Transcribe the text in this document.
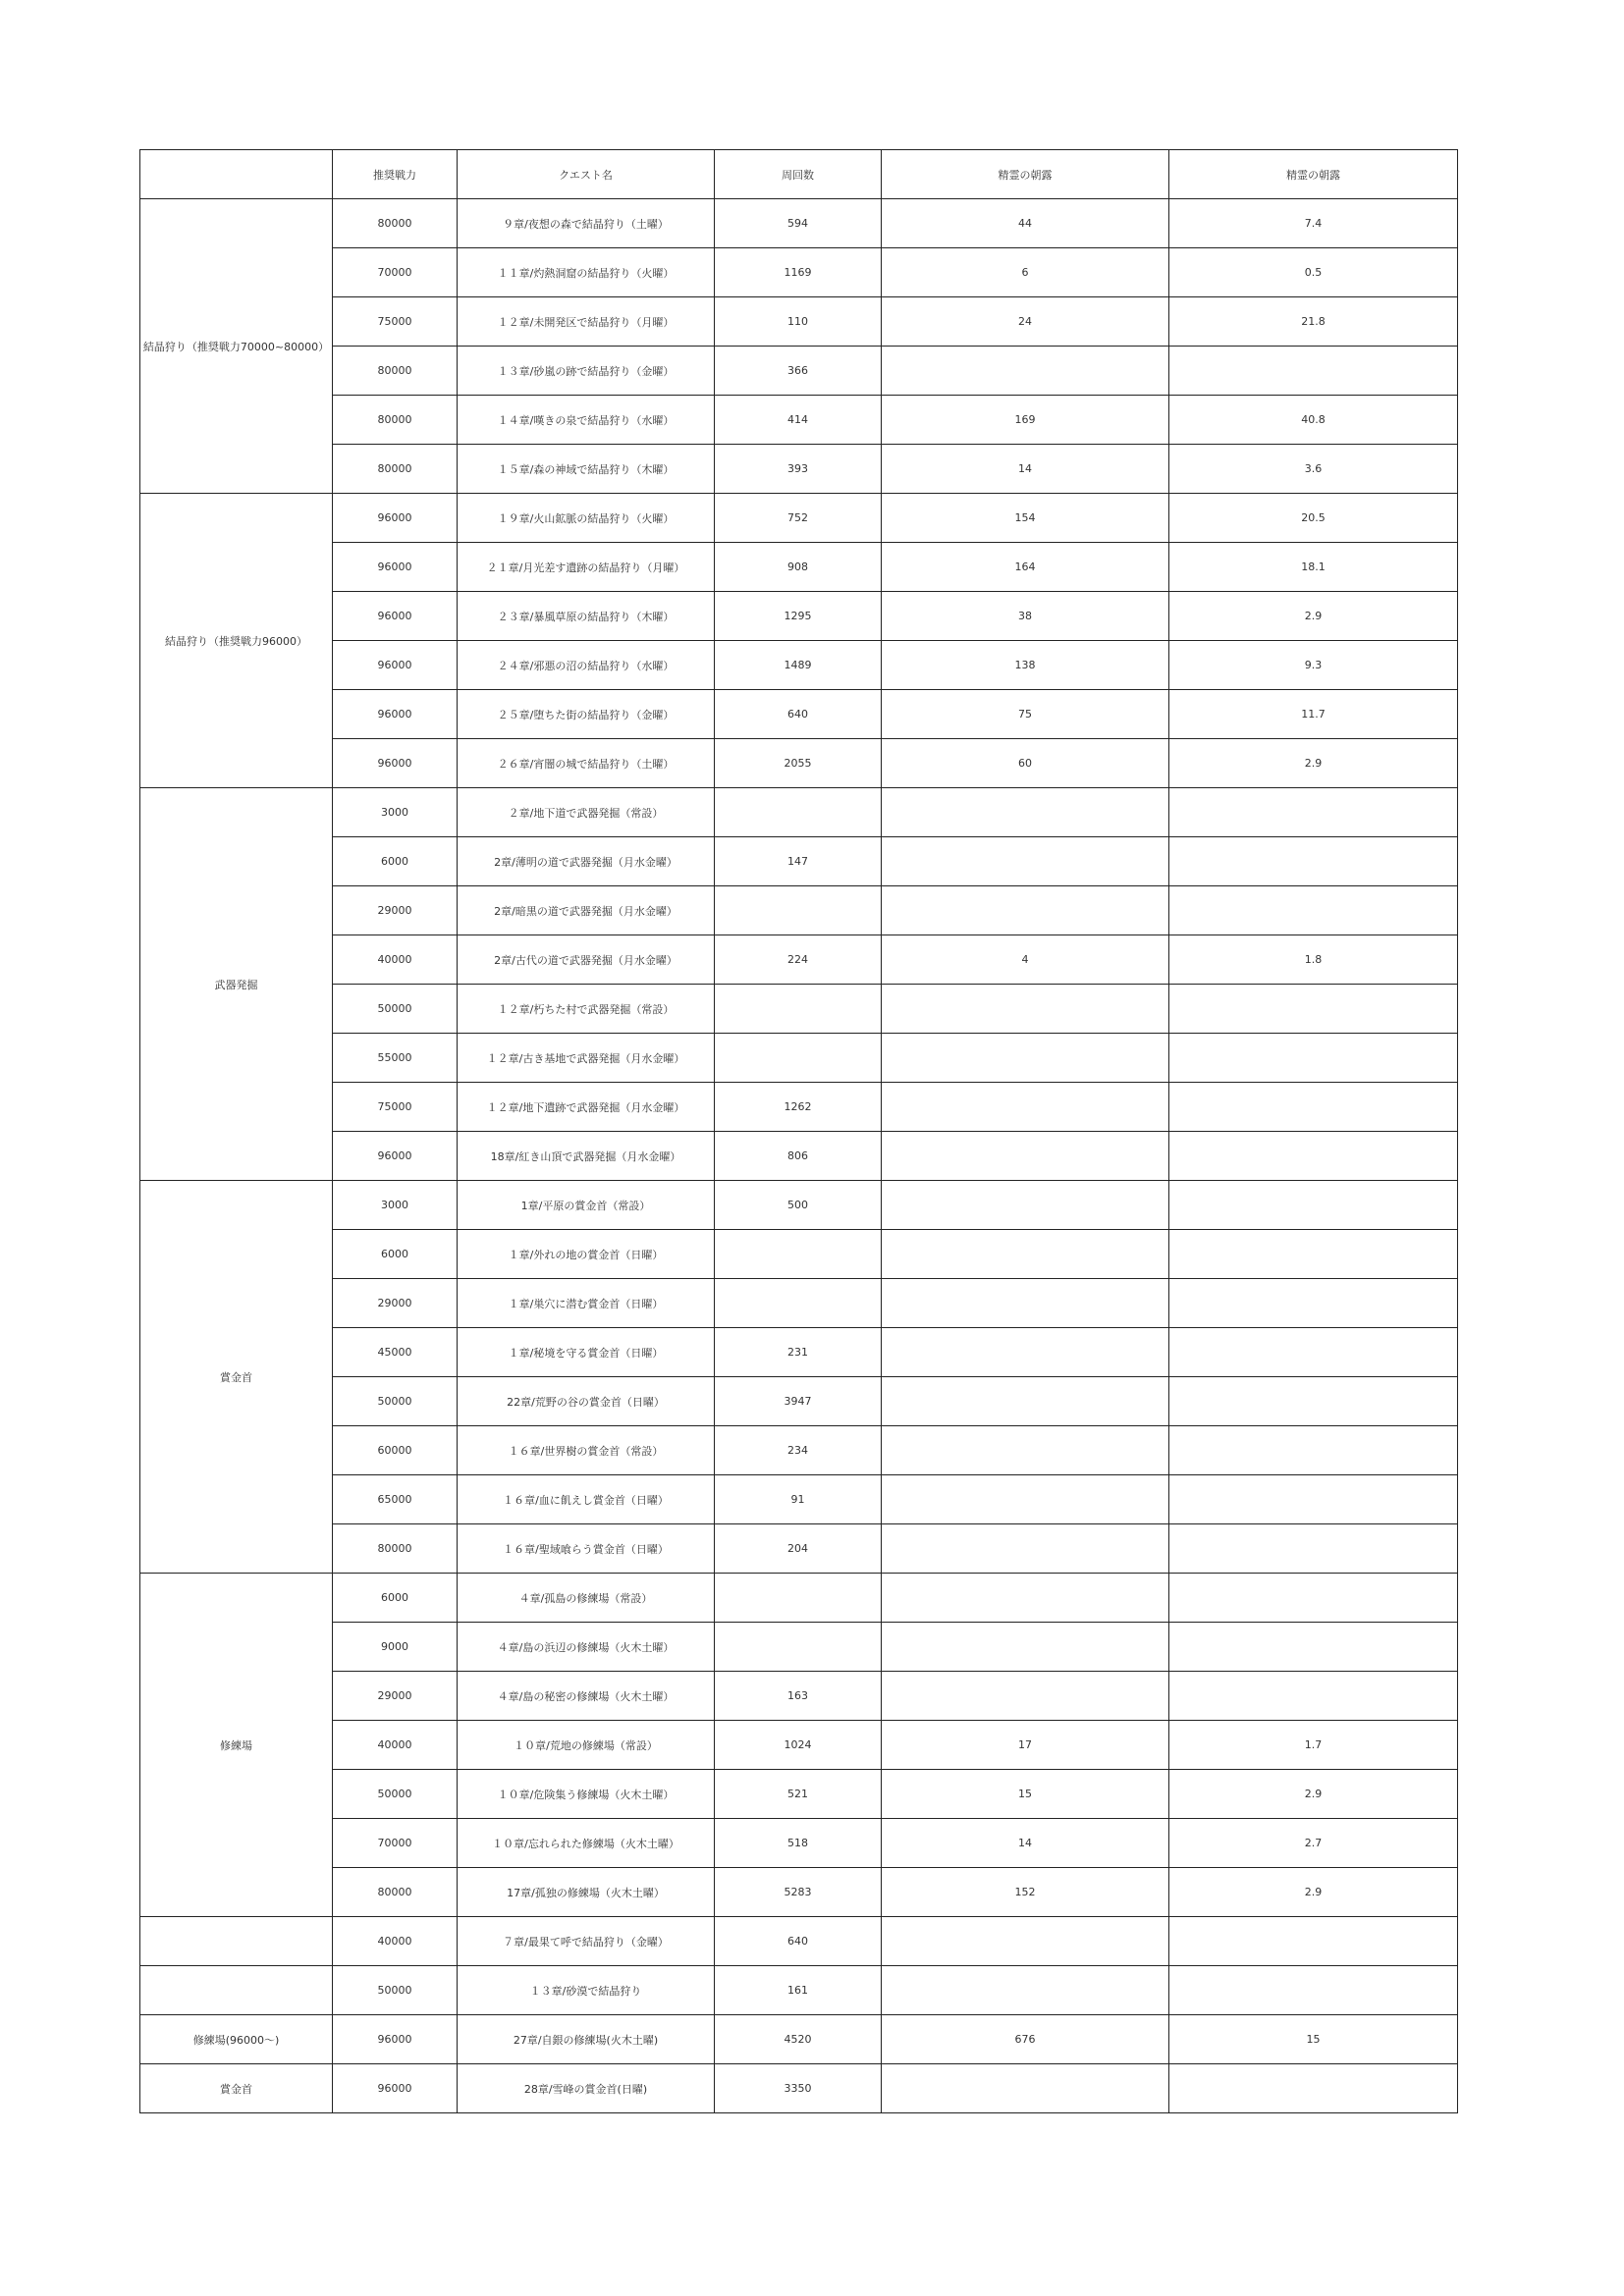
	推奨戦力	クエスト名	周回数	精霊の朝露	精霊の朝露
結晶狩り（推奨戦力70000~80000）	80000	９章/夜想の森で結晶狩り（土曜）	594	44	7.4
	70000	１１章/灼熱洞窟の結晶狩り（火曜）	1169	6	0.5
	75000	１２章/未開発区で結晶狩り（月曜）	110	24	21.8
	80000	１３章/砂嵐の跡で結晶狩り（金曜）	366		
	80000	１４章/嘆きの泉で結晶狩り（水曜）	414	169	40.8
	80000	１５章/森の神域で結晶狩り（木曜）	393	14	3.6
結晶狩り（推奨戦力96000）	96000	１９章/火山鉱脈の結晶狩り（火曜）	752	154	20.5
	96000	２１章/月光差す遺跡の結晶狩り（月曜）	908	164	18.1
	96000	２３章/暴風草原の結晶狩り（木曜）	1295	38	2.9
	96000	２４章/邪悪の沼の結晶狩り（水曜）	1489	138	9.3
	96000	２５章/堕ちた街の結晶狩り（金曜）	640	75	11.7
	96000	２６章/宵闇の城で結晶狩り（土曜）	2055	60	2.9
武器発掘	3000	２章/地下道で武器発掘（常設）			
	6000	2章/薄明の道で武器発掘（月水金曜）	147		
	29000	2章/暗黒の道で武器発掘（月水金曜）			
	40000	2章/古代の道で武器発掘（月水金曜）	224	4	1.8
	50000	１２章/朽ちた村で武器発掘（常設）			
	55000	１２章/古き基地で武器発掘（月水金曜）			
	75000	１２章/地下遺跡で武器発掘（月水金曜）	1262		
	96000	18章/紅き山頂で武器発掘（月水金曜）	806		
賞金首	3000	1章/平原の賞金首（常設）	500		
	6000	１章/外れの地の賞金首（日曜）			
	29000	１章/巣穴に潜む賞金首（日曜）			
	45000	１章/秘境を守る賞金首（日曜）	231		
	50000	22章/荒野の谷の賞金首（日曜）	3947		
	60000	１６章/世界樹の賞金首（常設）	234		
	65000	１６章/血に飢えし賞金首（日曜）	91		
	80000	１６章/聖域喰らう賞金首（日曜）	204		
修練場	6000	４章/孤島の修練場（常設）			
	9000	４章/島の浜辺の修練場（火木土曜）			
	29000	４章/島の秘密の修練場（火木土曜）	163		
	40000	１０章/荒地の修練場（常設）	1024	17	1.7
	50000	１０章/危険集う修練場（火木土曜）	521	15	2.9
	70000	１０章/忘れられた修練場（火木土曜）	518	14	2.7
	80000	17章/孤独の修練場（火木土曜）	5283	152	2.9
	40000	７章/最果て呼で結晶狩り（金曜）	640		
	50000	１３章/砂漠で結晶狩り	161		
修練場(96000～)	96000	27章/自銀の修練場(火木土曜)	4520	676	15
賞金首	96000	28章/雪峰の賞金首(日曜)	3350		
